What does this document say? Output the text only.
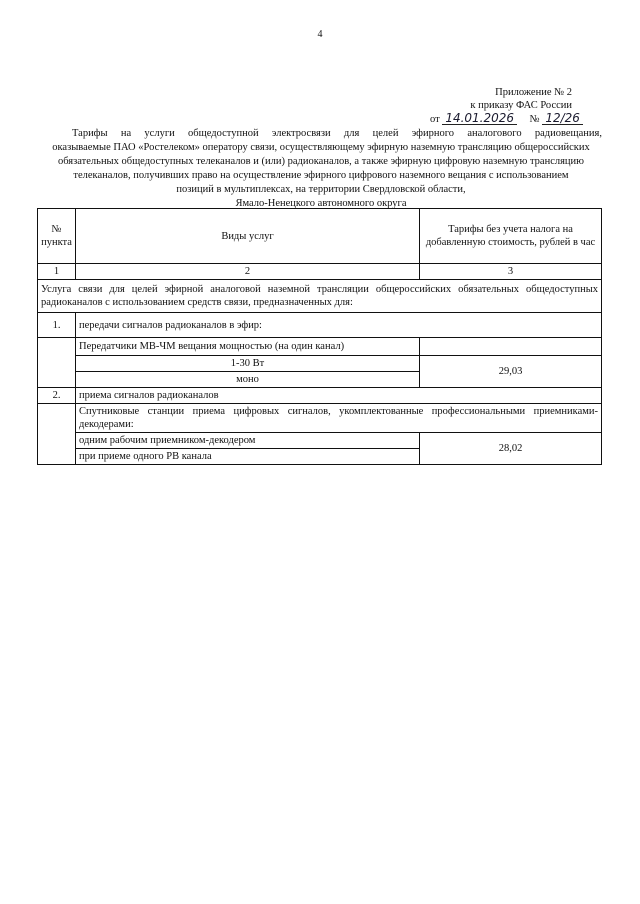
4
Приложение № 2
к приказу ФАС России
от 14.01.2026 № 12/26
Тарифы на услуги общедоступной электросвязи для целей эфирного аналогового радиовещания,
оказываемые ПАО «Ростелеком» оператору связи, осуществляющему эфирную наземную трансляцию общероссийских
обязательных общедоступных телеканалов и (или) радиоканалов, а также эфирную цифровую наземную трансляцию
телеканалов, получивших право на осуществление эфирного цифрового наземного вещания с использованием
позиций в мультиплексах, на территории Свердловской области,
Ямало-Ненецкого автономного округа
№ пункта	Виды услуг	Тарифы без учета налога на добавленную стоимость, рублей в час
1	2	3
Услуга связи для целей эфирной аналоговой наземной трансляции общероссийских обязательных общедоступных радиоканалов с использованием средств связи, предназначенных для:		
1.	передачи сигналов радиоканалов в эфир:	
	Передатчики МВ-ЧМ вещания мощностью (на один канал)	
	1-30 Вт	29,03
	моно	
2.	приема сигналов радиоканалов	
	Спутниковые станции приема цифровых сигналов, укомплектованные профессиональными приемниками-декодерами:	
	одним рабочим приемником-декодером	28,02
	при приеме одного РВ канала	
